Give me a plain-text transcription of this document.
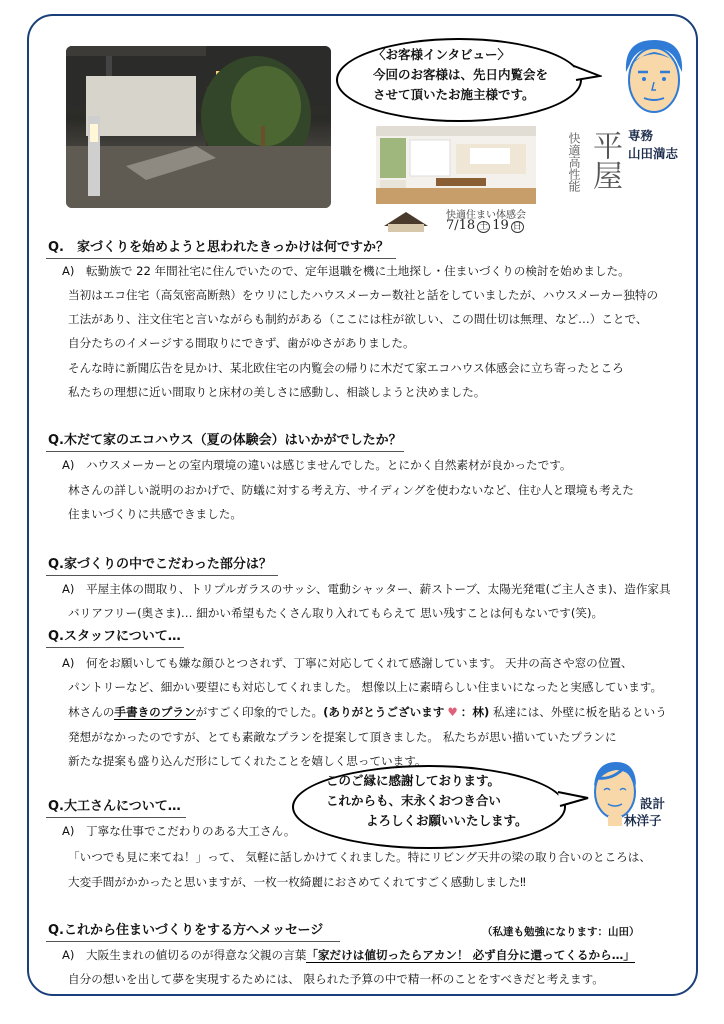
〈お客様インタビュー〉
今回のお客様は、先日内覧会を
させて頂いたお施主様です。
専務
山田満志
平屋
快適高性能
快適住まい体感会
7/18 土 19 日
Q.　家づくりを始めようと思われたきっかけは何ですか？
A)　転勤族で 22 年間社宅に住んでいたので、定年退職を機に土地探し・住まいづくりの検討を始めました。
当初はエコ住宅（高気密高断熱）をウリにしたハウスメーカー数社と話をしていましたが、ハウスメーカー独特の
工法があり、注文住宅と言いながらも制約がある（ここには柱が欲しい、この間仕切は無理、など…）ことで、
自分たちのイメージする間取りにできず、歯がゆさがありました。
そんな時に新聞広告を見かけ、某北欧住宅の内覧会の帰りに木だて家エコハウス体感会に立ち寄ったところ
私たちの理想に近い間取りと床材の美しさに感動し、相談しようと決めました。
Q.木だて家のエコハウス（夏の体験会）はいかがでしたか？
A)　ハウスメーカーとの室内環境の違いは感じませんでした。とにかく自然素材が良かったです。
林さんの詳しい説明のおかげで、防蟻に対する考え方、サイディングを使わないなど、住む人と環境も考えた
住まいづくりに共感できました。
Q.家づくりの中でこだわった部分は？
A)　平屋主体の間取り、トリプルガラスのサッシ、電動シャッター、薪ストーブ、太陽光発電(ご主人さま)、造作家具
バリアフリー(奥さま)… 細かい希望もたくさん取り入れてもらえて 思い残すことは何もないです(笑)。
Q.スタッフについて…
A)　何をお願いしても嫌な顔ひとつされず、丁寧に対応してくれて感謝しています。 天井の高さや窓の位置、
パントリーなど、細かい要望にも対応してくれました。 想像以上に素晴らしい住まいになったと実感しています。
林さんの手書きのプランがすごく印象的でした。(ありがとうございます ♥ ：林) 私達には、外壁に板を貼るという
発想がなかったのですが、とても素敵なプランを提案して頂きました。 私たちが思い描いていたプランに
新たな提案も盛り込んだ形にしてくれたことを嬉しく思っています。
このご縁に感謝しております。
これからも、末永くおつき合い
よろしくお願いいたします。
設計
林洋子
Q.大工さんについて…
A)　丁寧な仕事でこだわりのある大工さん。
「いつでも見に来てね！」って、 気軽に話しかけてくれました。特にリビング天井の梁の取り合いのところは、
大変手間がかかったと思いますが、一枚一枚綺麗におさめてくれてすごく感動しました‼
Q.これから住まいづくりをする方へメッセージ	（私達も勉強になります：山田）
A)　大阪生まれの値切るのが得意な父親の言葉「家だけは値切ったらアカン！ 必ず自分に還ってくるから…」
自分の想いを出して夢を実現するためには、 限られた予算の中で精一杯のことをすべきだと考えます。
